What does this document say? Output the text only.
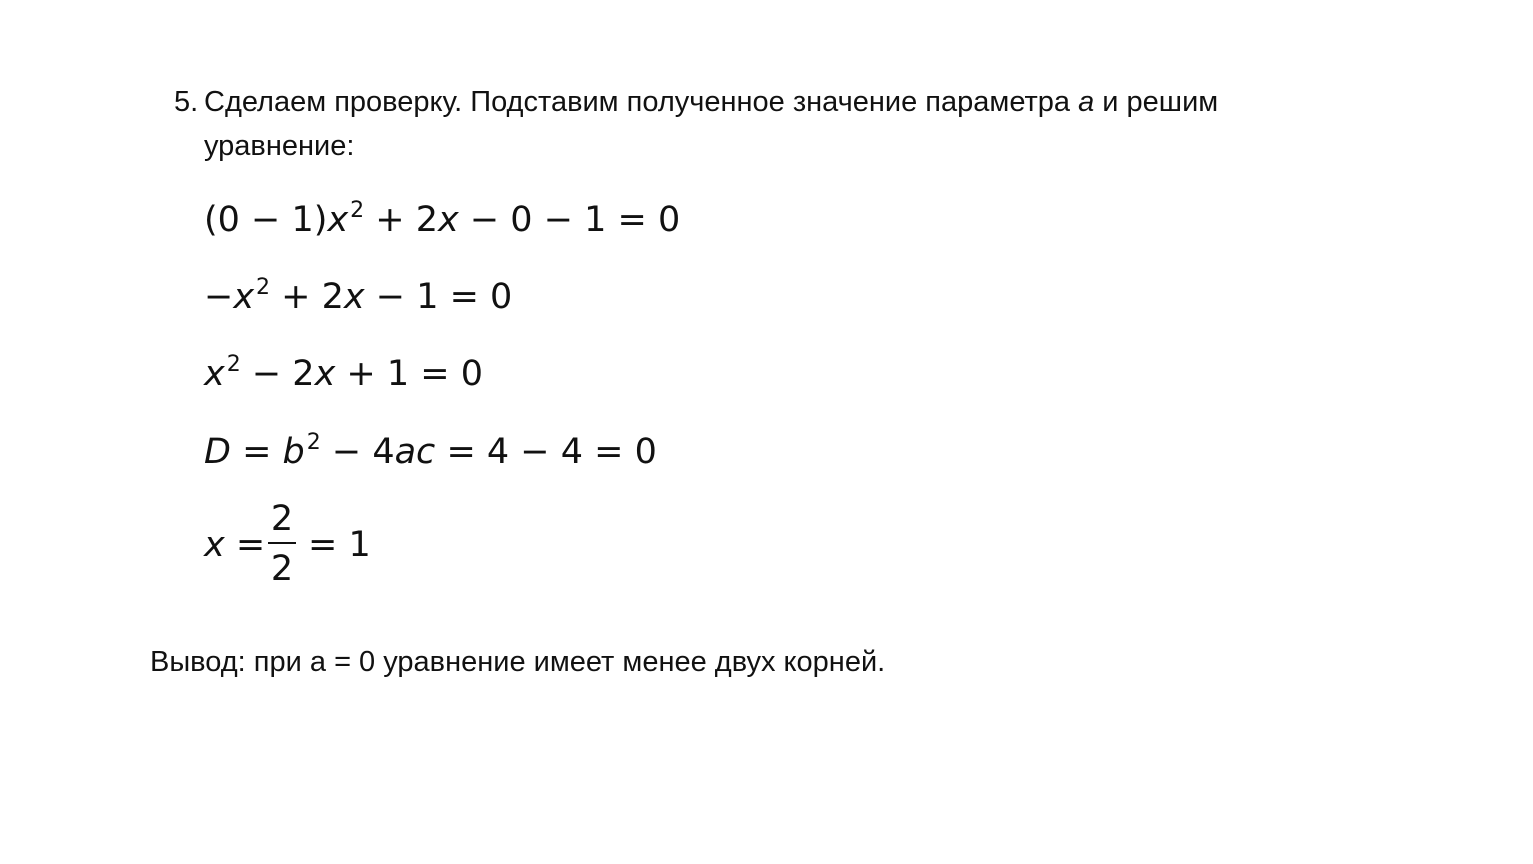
5. Сделаем проверку. Подставим полученное значение параметра a и решим уравнение:
$(0 - 1)x^2 + 2x - 0 - 1 = 0$
$-x^2 + 2x - 1 = 0$
$x^2 - 2x + 1 = 0$
$D = b^2 - 4ac = 4 - 4 = 0$
x =
2
2
= 1
Вывод: при а = 0 уравнение имеет менее двух корней.
